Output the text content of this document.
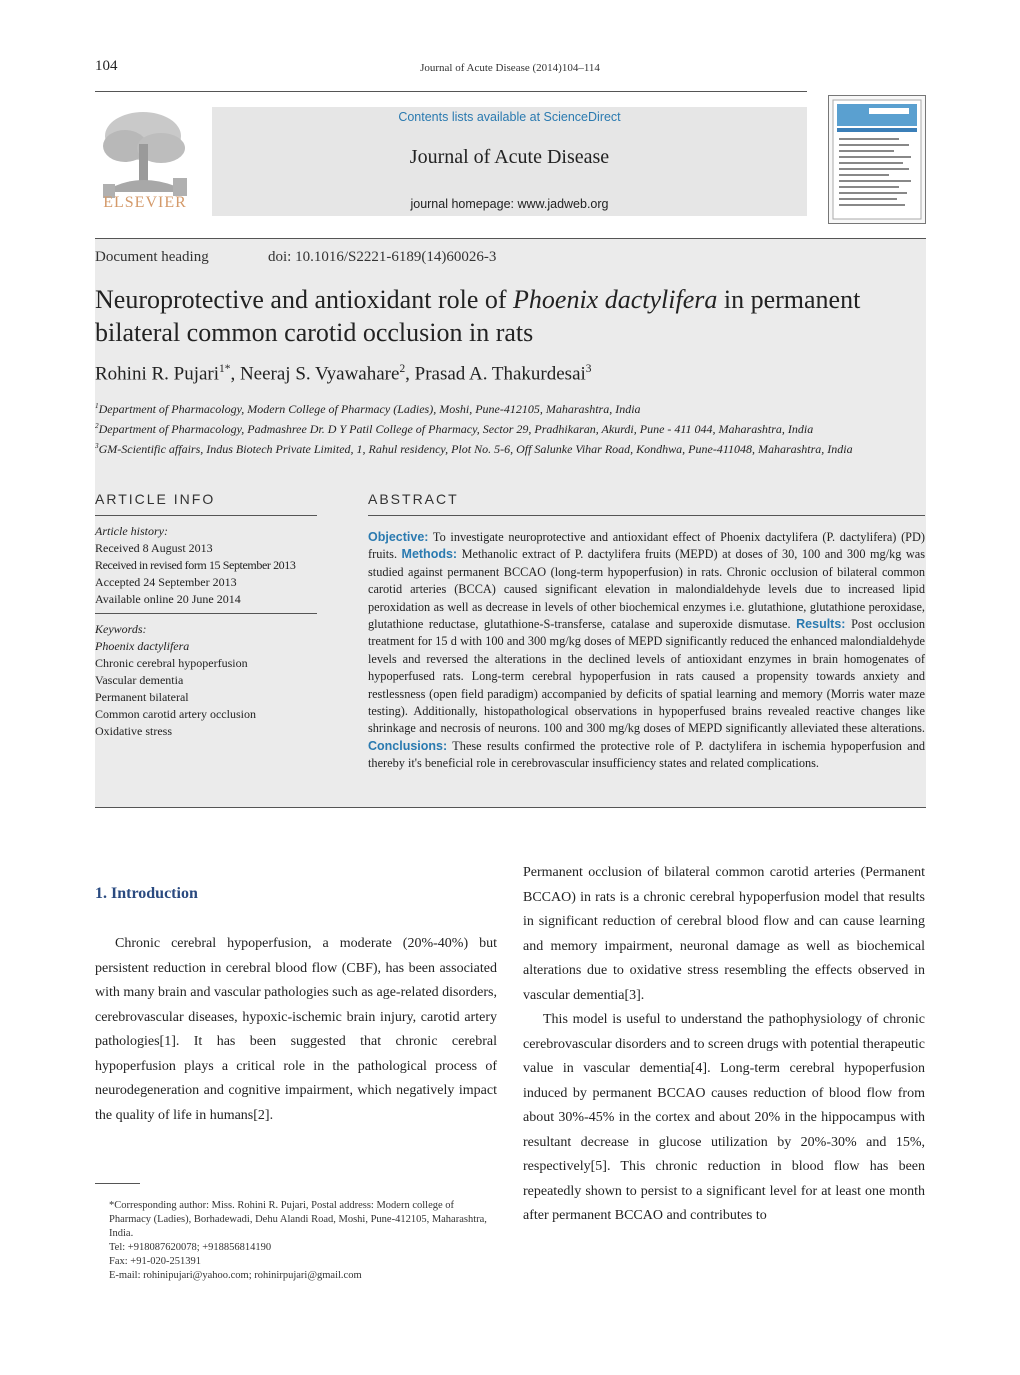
104	Journal of Acute Disease (2014)104–114
ELSEVIER
Contents lists available at ScienceDirect
Journal of Acute Disease
journal homepage: www.jadweb.org
Document heading	doi: 10.1016/S2221-6189(14)60026-3
Neuroprotective and antioxidant role of Phoenix dactylifera in permanent bilateral common carotid occlusion in rats
Rohini R. Pujari$^{1*}$, Neeraj S. Vyawahare$^2$, Prasad A. Thakurdesai$^3$
$^1$Department of Pharmacology, Modern College of Pharmacy (Ladies), Moshi, Pune-412105, Maharashtra, India
$^2$Department of Pharmacology, Padmashree Dr. D Y Patil College of Pharmacy, Sector 29, Pradhikaran, Akurdi, Pune - 411 044, Maharashtra, India
$^3$GM-Scientific affairs, Indus Biotech Private Limited, 1, Rahul residency, Plot No. 5-6, Off Salunke Vihar Road, Kondhwa, Pune-411048, Maharashtra, India
ARTICLE INFO
Article history:
Received 8 August 2013
Received in revised form 15 September 2013
Accepted 24 September 2013
Available online 20 June 2014
Keywords:
Phoenix dactylifera
Chronic cerebral hypoperfusion
Vascular dementia
Permanent bilateral
Common carotid artery occlusion
Oxidative stress
ABSTRACT
Objective: To investigate neuroprotective and antioxidant effect of Phoenix dactylifera (P. dactylifera) (PD) fruits. Methods: Methanolic extract of P. dactylifera fruits (MEPD) at doses of 30, 100 and 300 mg/kg was studied against permanent BCCAO (long-term hypoperfusion) in rats. Chronic occlusion of bilateral common carotid arteries (BCCA) caused significant elevation in malondialdehyde levels due to increased lipid peroxidation as well as decrease in levels of other biochemical enzymes i.e. glutathione, glutathione peroxidase, glutathione reductase, glutathione-S-transferse, catalase and superoxide dismutase. Results: Post occlusion treatment for 15 d with 100 and 300 mg/kg doses of MEPD significantly reduced the enhanced malondialdehyde levels and reversed the alterations in the declined levels of antioxidant enzymes in brain homogenates of hypoperfused rats. Long-term cerebral hypoperfusion in rats caused a propensity towards anxiety and restlessness (open field paradigm) accompanied by deficits of spatial learning and memory (Morris water maze testing). Additionally, histopathological observations in hypoperfused brains revealed reactive changes like shrinkage and necrosis of neurons. 100 and 300 mg/kg doses of MEPD significantly alleviated these alterations. Conclusions: These results confirmed the protective role of P. dactylifera in ischemia hypoperfusion and thereby it's beneficial role in cerebrovascular insufficiency states and related complications.
1. Introduction

Chronic cerebral hypoperfusion, a moderate (20%-40%) but persistent reduction in cerebral blood flow (CBF), has been associated with many brain and vascular pathologies such as age-related disorders, cerebrovascular diseases, hypoxic-ischemic brain injury, carotid artery pathologies[1]. It has been suggested that chronic cerebral hypoperfusion plays a critical role in the pathological process of neurodegeneration and cognitive impairment, which negatively impact the quality of life in humans[2].

Permanent occlusion of bilateral common carotid arteries (Permanent BCCAO) in rats is a chronic cerebral hypoperfusion model that results in significant reduction of cerebral blood flow and can cause learning and memory impairment, neuronal damage as well as biochemical alterations due to oxidative stress resembling the effects observed in vascular dementia[3].

This model is useful to understand the pathophysiology of chronic cerebrovascular disorders and to screen drugs with potential therapeutic value in vascular dementia[4]. Long-term cerebral hypoperfusion induced by permanent BCCAO causes reduction of blood flow from about 30%-45% in the cortex and about 20% in the hippocampus with resultant decrease in glucose utilization by 20%-30% and 15%, respectively[5]. This chronic reduction in blood flow has been repeatedly shown to persist to a significant level for at least one month after permanent BCCAO and contributes to

*Corresponding author: Miss. Rohini R. Pujari, Postal address: Modern college of Pharmacy (Ladies), Borhadewadi, Dehu Alandi Road, Moshi, Pune-412105, Maharashtra, India.
Tel: +918087620078; +918856814190
Fax: +91-020-251391
E-mail: rohinipujari@yahoo.com; rohinirpujari@gmail.com
